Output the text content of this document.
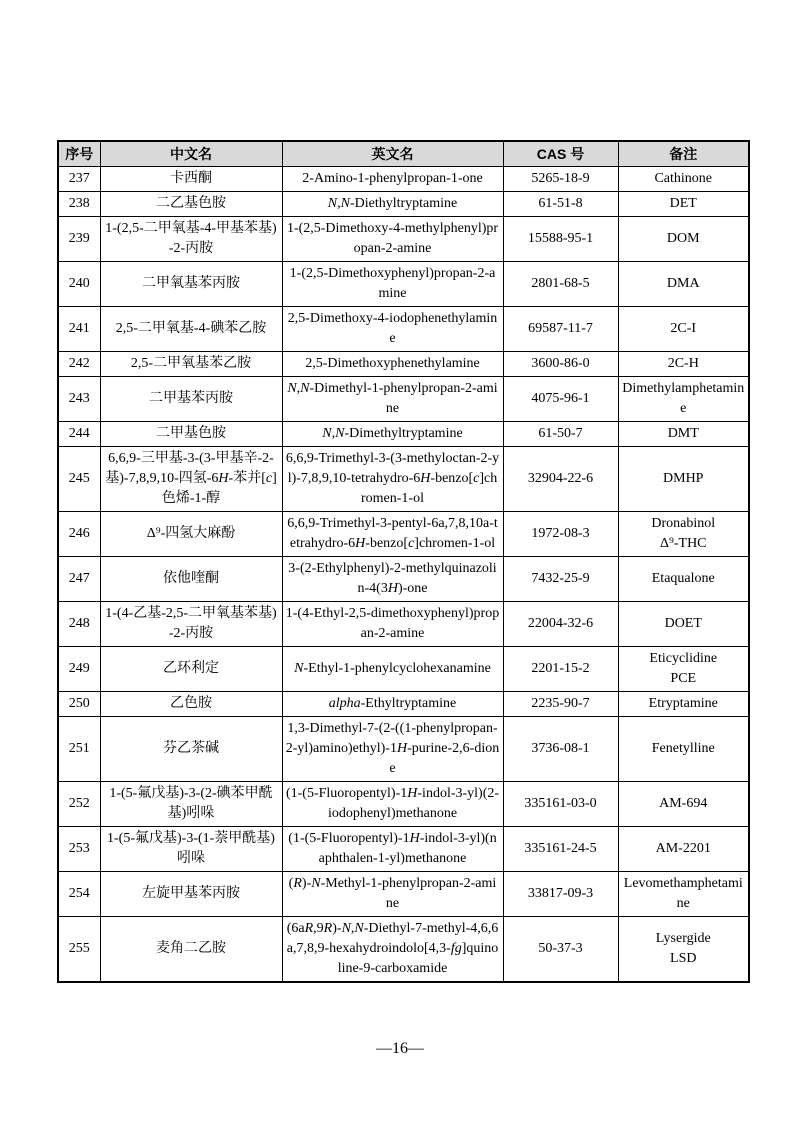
序号	中文名	英文名	CAS 号	备注
237	卡西酮	2-Amino-1-phenylpropan-1-one	5265-18-9	Cathinone
238	二乙基色胺	N,N-Diethyltryptamine	61-51-8	DET
239	1-(2,5-二甲氧基-4-甲基苯基)-2-丙胺	1-(2,5-Dimethoxy-4-methylphenyl)propan-2-amine	15588-95-1	DOM
240	二甲氧基苯丙胺	1-(2,5-Dimethoxyphenyl)propan-2-amine	2801-68-5	DMA
241	2,5-二甲氧基-4-碘苯乙胺	2,5-Dimethoxy-4-iodophenethylamine	69587-11-7	2C-I
242	2,5-二甲氧基苯乙胺	2,5-Dimethoxyphenethylamine	3600-86-0	2C-H
243	二甲基苯丙胺	N,N-Dimethyl-1-phenylpropan-2-amine	4075-96-1	Dimethylamphetamine
244	二甲基色胺	N,N-Dimethyltryptamine	61-50-7	DMT
245	6,6,9-三甲基-3-(3-甲基辛-2-基)-7,8,9,10-四氢-6H-苯并[c]色烯-1-醇	6,6,9-Trimethyl-3-(3-methyloctan-2-yl)-7,8,9,10-tetrahydro-6H-benzo[c]chromen-1-ol	32904-22-6	DMHP
246	Δ⁹-四氢大麻酚	6,6,9-Trimethyl-3-pentyl-6a,7,8,10a-tetrahydro-6H-benzo[c]chromen-1-ol	1972-08-3	Dronabinol
Δ⁹-THC
247	依他喹酮	3-(2-Ethylphenyl)-2-methylquinazolin-4(3H)-one	7432-25-9	Etaqualone
248	1-(4-乙基-2,5-二甲氧基苯基)-2-丙胺	1-(4-Ethyl-2,5-dimethoxyphenyl)propan-2-amine	22004-32-6	DOET
249	乙环利定	N-Ethyl-1-phenylcyclohexanamine	2201-15-2	Eticyclidine
PCE
250	乙色胺	alpha-Ethyltryptamine	2235-90-7	Etryptamine
251	芬乙茶碱	1,3-Dimethyl-7-(2-((1-phenylpropan-2-yl)amino)ethyl)-1H-purine-2,6-dione	3736-08-1	Fenetylline
252	1-(5-氟戊基)-3-(2-碘苯甲酰基)吲哚	(1-(5-Fluoropentyl)-1H-indol-3-yl)(2-iodophenyl)methanone	335161-03-0	AM-694
253	1-(5-氟戊基)-3-(1-萘甲酰基)吲哚	(1-(5-Fluoropentyl)-1H-indol-3-yl)(naphthalen-1-yl)methanone	335161-24-5	AM-2201
254	左旋甲基苯丙胺	(R)-N-Methyl-1-phenylpropan-2-amine	33817-09-3	Levomethamphetamine
255	麦角二乙胺	(6aR,9R)-N,N-Diethyl-7-methyl-4,6,6a,7,8,9-hexahydroindolo[4,3-fg]quinoline-9-carboxamide	50-37-3	Lysergide
LSD
—16—
